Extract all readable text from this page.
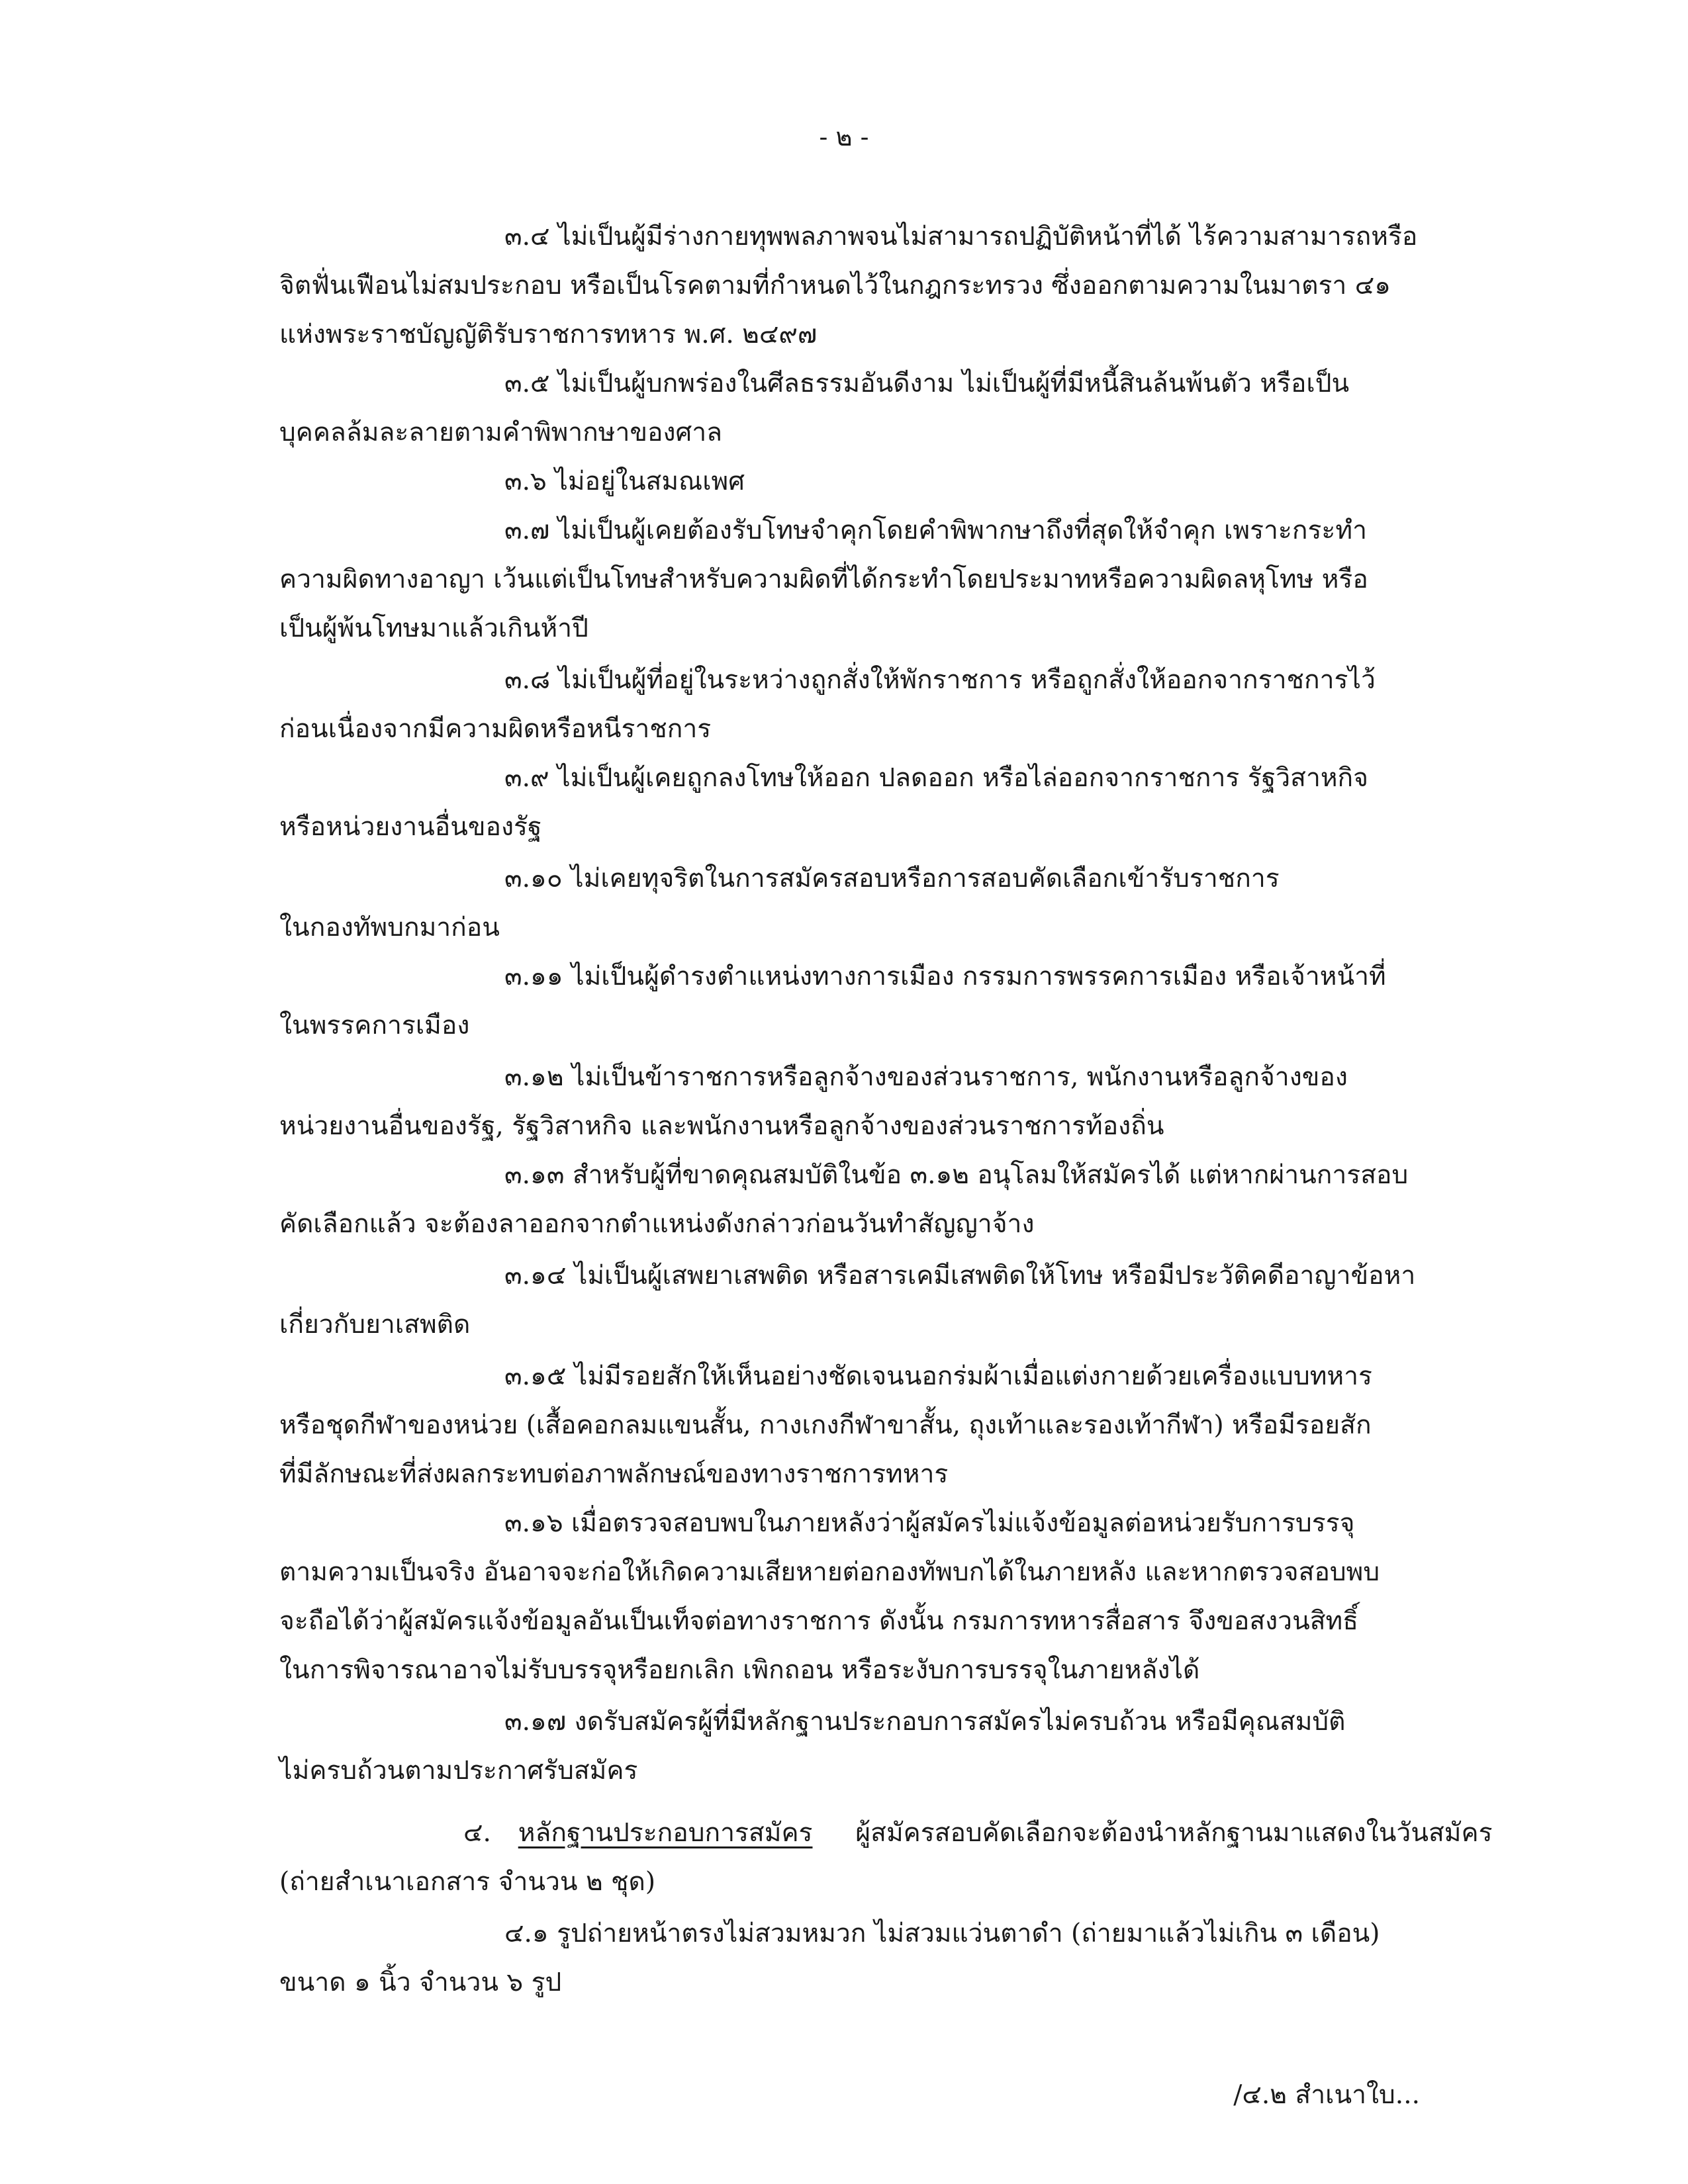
- ๒ -
๓.๔ ไม่เป็นผู้มีร่างกายทุพพลภาพจนไม่สามารถปฏิบัติหน้าที่ได้ ไร้ความสามารถหรือ
จิตฟั่นเฟือนไม่สมประกอบ หรือเป็นโรคตามที่กำหนดไว้ในกฎกระทรวง ซึ่งออกตามความในมาตรา ๔๑
แห่งพระราชบัญญัติรับราชการทหาร พ.ศ. ๒๔๙๗
๓.๕ ไม่เป็นผู้บกพร่องในศีลธรรมอันดีงาม ไม่เป็นผู้ที่มีหนี้สินล้นพ้นตัว หรือเป็น
บุคคลล้มละลายตามคำพิพากษาของศาล
๓.๖ ไม่อยู่ในสมณเพศ
๓.๗ ไม่เป็นผู้เคยต้องรับโทษจำคุกโดยคำพิพากษาถึงที่สุดให้จำคุก เพราะกระทำ
ความผิดทางอาญา เว้นแต่เป็นโทษสำหรับความผิดที่ได้กระทำโดยประมาทหรือความผิดลหุโทษ หรือ
เป็นผู้พ้นโทษมาแล้วเกินห้าปี
๓.๘ ไม่เป็นผู้ที่อยู่ในระหว่างถูกสั่งให้พักราชการ หรือถูกสั่งให้ออกจากราชการไว้
ก่อนเนื่องจากมีความผิดหรือหนีราชการ
๓.๙ ไม่เป็นผู้เคยถูกลงโทษให้ออก ปลดออก หรือไล่ออกจากราชการ รัฐวิสาหกิจ
หรือหน่วยงานอื่นของรัฐ
๓.๑๐ ไม่เคยทุจริตในการสมัครสอบหรือการสอบคัดเลือกเข้ารับราชการ
ในกองทัพบกมาก่อน
๓.๑๑ ไม่เป็นผู้ดำรงตำแหน่งทางการเมือง กรรมการพรรคการเมือง หรือเจ้าหน้าที่
ในพรรคการเมือง
๓.๑๒ ไม่เป็นข้าราชการหรือลูกจ้างของส่วนราชการ, พนักงานหรือลูกจ้างของ
หน่วยงานอื่นของรัฐ, รัฐวิสาหกิจ และพนักงานหรือลูกจ้างของส่วนราชการท้องถิ่น
๓.๑๓ สำหรับผู้ที่ขาดคุณสมบัติในข้อ ๓.๑๒ อนุโลมให้สมัครได้ แต่หากผ่านการสอบ
คัดเลือกแล้ว จะต้องลาออกจากตำแหน่งดังกล่าวก่อนวันทำสัญญาจ้าง
๓.๑๔ ไม่เป็นผู้เสพยาเสพติด หรือสารเคมีเสพติดให้โทษ หรือมีประวัติคดีอาญาข้อหา
เกี่ยวกับยาเสพติด
๓.๑๕ ไม่มีรอยสักให้เห็นอย่างชัดเจนนอกร่มผ้าเมื่อแต่งกายด้วยเครื่องแบบทหาร
หรือชุดกีฬาของหน่วย (เสื้อคอกลมแขนสั้น, กางเกงกีฬาขาสั้น, ถุงเท้าและรองเท้ากีฬา) หรือมีรอยสัก
ที่มีลักษณะที่ส่งผลกระทบต่อภาพลักษณ์ของทางราชการทหาร
๓.๑๖ เมื่อตรวจสอบพบในภายหลังว่าผู้สมัครไม่แจ้งข้อมูลต่อหน่วยรับการบรรจุ
ตามความเป็นจริง อันอาจจะก่อให้เกิดความเสียหายต่อกองทัพบกได้ในภายหลัง และหากตรวจสอบพบ
จะถือได้ว่าผู้สมัครแจ้งข้อมูลอันเป็นเท็จต่อทางราชการ ดังนั้น กรมการทหารสื่อสาร จึงขอสงวนสิทธิ์
ในการพิจารณาอาจไม่รับบรรจุหรือยกเลิก เพิกถอน หรือระงับการบรรจุในภายหลังได้
๓.๑๗ งดรับสมัครผู้ที่มีหลักฐานประกอบการสมัครไม่ครบถ้วน หรือมีคุณสมบัติ
ไม่ครบถ้วนตามประกาศรับสมัคร
๔. หลักฐานประกอบการสมัคร ผู้สมัครสอบคัดเลือกจะต้องนำหลักฐานมาแสดงในวันสมัคร
(ถ่ายสำเนาเอกสาร จำนวน ๒ ชุด)
๔.๑ รูปถ่ายหน้าตรงไม่สวมหมวก ไม่สวมแว่นตาดำ (ถ่ายมาแล้วไม่เกิน ๓ เดือน)
ขนาด ๑ นิ้ว จำนวน ๖ รูป
/๔.๒ สำเนาใบ...
